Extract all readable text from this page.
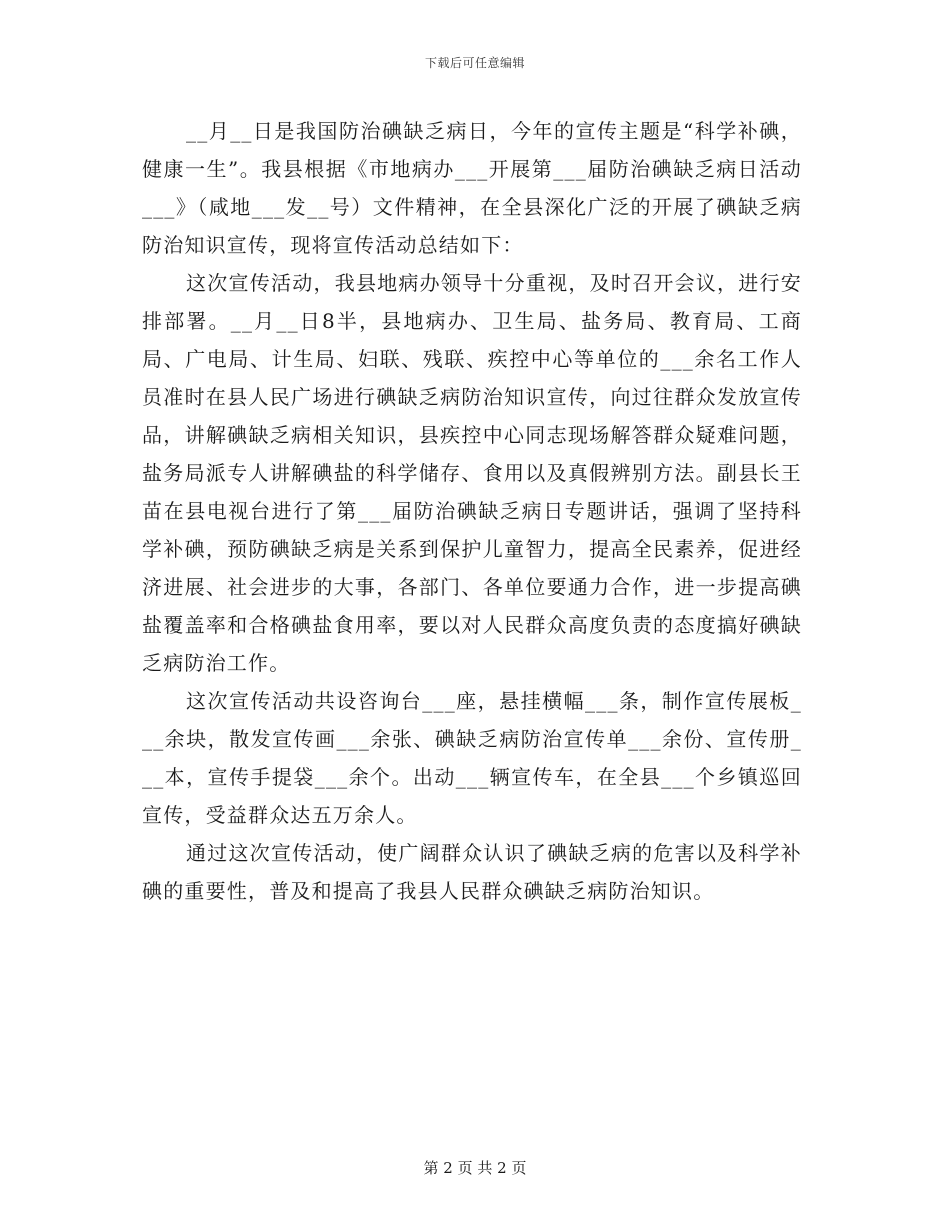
下载后可任意编辑

__月__日是我国防治碘缺乏病日，今年的宣传主题是“科学补碘，健康一生”。我县根据《市地病办___开展第___届防治碘缺乏病日活动___》（咸地___发__号）文件精神，在全县深化广泛的开展了碘缺乏病防治知识宣传，现将宣传活动总结如下：

这次宣传活动，我县地病办领导十分重视，及时召开会议，进行安排部署。__月__日8半，县地病办、卫生局、盐务局、教育局、工商局、广电局、计生局、妇联、残联、疾控中心等单位的___余名工作人员准时在县人民广场进行碘缺乏病防治知识宣传，向过往群众发放宣传品，讲解碘缺乏病相关知识，县疾控中心同志现场解答群众疑难问题，盐务局派专人讲解碘盐的科学储存、食用以及真假辨别方法。副县长王苗在县电视台进行了第___届防治碘缺乏病日专题讲话，强调了坚持科学补碘，预防碘缺乏病是关系到保护儿童智力，提高全民素养，促进经济进展、社会进步的大事，各部门、各单位要通力合作，进一步提高碘盐覆盖率和合格碘盐食用率，要以对人民群众高度负责的态度搞好碘缺乏病防治工作。

这次宣传活动共设咨询台___座，悬挂横幅___条，制作宣传展板___余块，散发宣传画___余张、碘缺乏病防治宣传单___余份、宣传册___本，宣传手提袋___余个。出动___辆宣传车，在全县___个乡镇巡回宣传，受益群众达五万余人。

通过这次宣传活动，使广阔群众认识了碘缺乏病的危害以及科学补碘的重要性，普及和提高了我县人民群众碘缺乏病防治知识。

第 2 页 共 2 页
